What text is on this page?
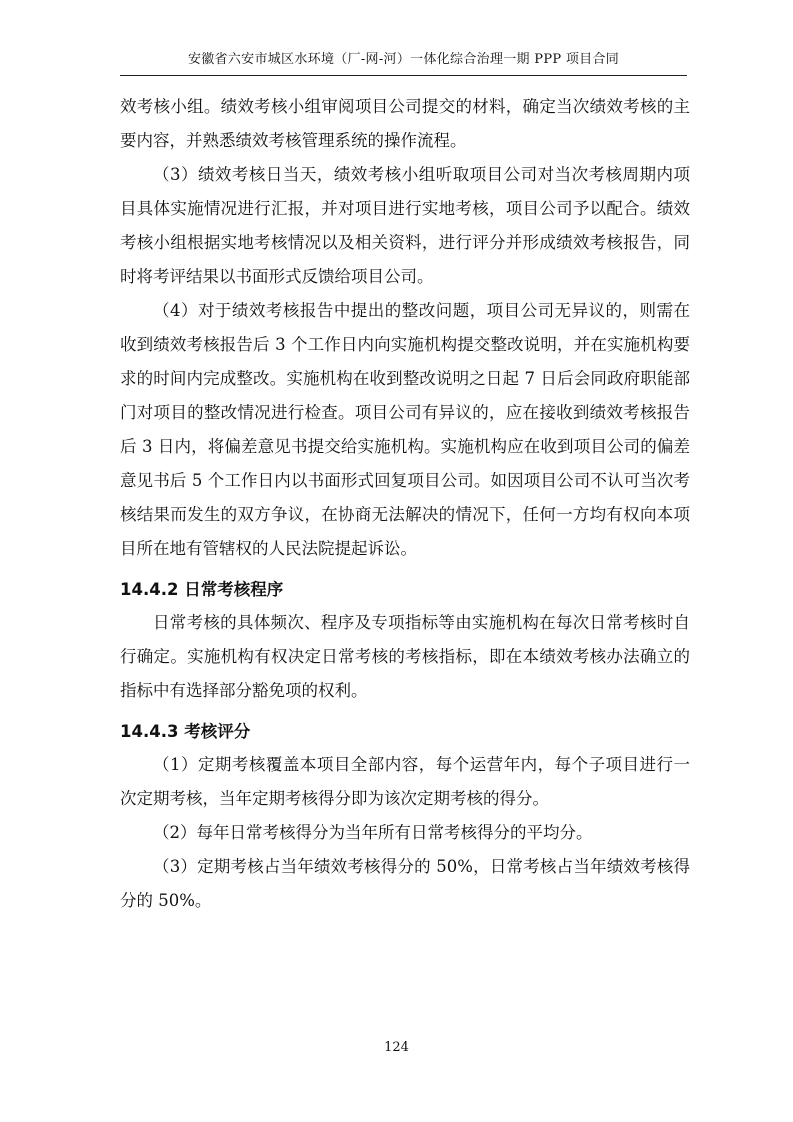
安徽省六安市城区水环境（厂-网-河）一体化综合治理一期 PPP 项目合同

效考核小组。绩效考核小组审阅项目公司提交的材料，确定当次绩效考核的主要内容，并熟悉绩效考核管理系统的操作流程。

（3）绩效考核日当天，绩效考核小组听取项目公司对当次考核周期内项目具体实施情况进行汇报，并对项目进行实地考核，项目公司予以配合。绩效考核小组根据实地考核情况以及相关资料，进行评分并形成绩效考核报告，同时将考评结果以书面形式反馈给项目公司。

（4）对于绩效考核报告中提出的整改问题，项目公司无异议的，则需在收到绩效考核报告后 3 个工作日内向实施机构提交整改说明，并在实施机构要求的时间内完成整改。实施机构在收到整改说明之日起 7 日后会同政府职能部门对项目的整改情况进行检查。项目公司有异议的，应在接收到绩效考核报告后 3 日内，将偏差意见书提交给实施机构。实施机构应在收到项目公司的偏差意见书后 5 个工作日内以书面形式回复项目公司。如因项目公司不认可当次考核结果而发生的双方争议，在协商无法解决的情况下，任何一方均有权向本项目所在地有管辖权的人民法院提起诉讼。

14.4.2 日常考核程序

日常考核的具体频次、程序及专项指标等由实施机构在每次日常考核时自行确定。实施机构有权决定日常考核的考核指标，即在本绩效考核办法确立的指标中有选择部分豁免项的权利。

14.4.3 考核评分

（1）定期考核覆盖本项目全部内容，每个运营年内，每个子项目进行一次定期考核，当年定期考核得分即为该次定期考核的得分。

（2）每年日常考核得分为当年所有日常考核得分的平均分。

（3）定期考核占当年绩效考核得分的 50%，日常考核占当年绩效考核得分的 50%。

124
